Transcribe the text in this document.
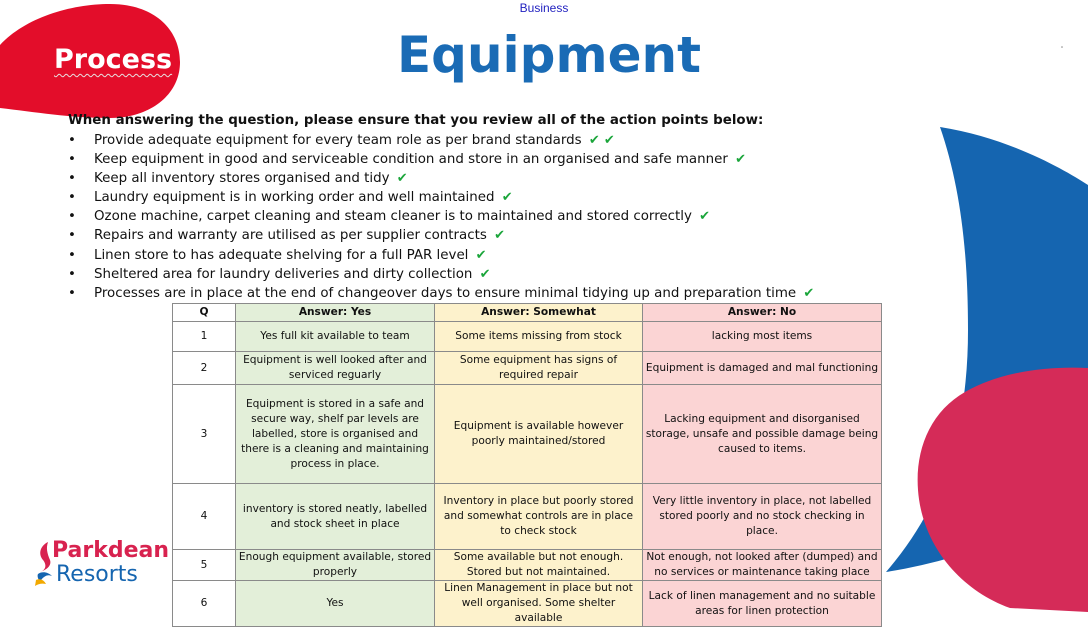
Business
Equipment
Process

When answering the question, please ensure that you review all of the action points below:

• Provide adequate equipment for every team role as per brand standards ✔ ✔
• Keep equipment in good and serviceable condition and store in an organised and safe manner ✔
• Keep all inventory stores organised and tidy ✔
• Laundry equipment is in working order and well maintained ✔
• Ozone machine, carpet cleaning and steam cleaner is to maintained and stored correctly ✔
• Repairs and warranty are utilised as per supplier contracts ✔
• Linen store to has adequate shelving for a full PAR level ✔
• Sheltered area for laundry deliveries and dirty collection ✔
• Processes are in place at the end of changeover days to ensure minimal tidying up and preparation time ✔
Q	Answer: Yes	Answer: Somewhat	Answer: No
1	Yes full kit available to team	Some items missing from stock	lacking most items
2	Equipment is well looked after and serviced reguarly	Some equipment has signs of required repair	Equipment is damaged and mal functioning
3	Equipment is stored in a safe and secure way, shelf par levels are labelled, store is organised and there is a cleaning and maintaining process in place.	Equipment is available however poorly maintained/stored	Lacking equipment and disorganised storage, unsafe and possible damage being caused to items.
4	inventory is stored neatly, labelled and stock sheet in place	Inventory in place but poorly stored and somewhat controls are in place to check stock	Very little inventory in place, not labelled stored poorly and no stock checking in place.
5	Enough equipment available, stored properly	Some available but not enough. Stored but not maintained.	Not enough, not looked after (dumped) and no services or maintenance taking place
6	Yes	Linen Management in place but not well organised. Some shelter available	Lack of linen management and no suitable areas for linen protection
Parkdean
Resorts
